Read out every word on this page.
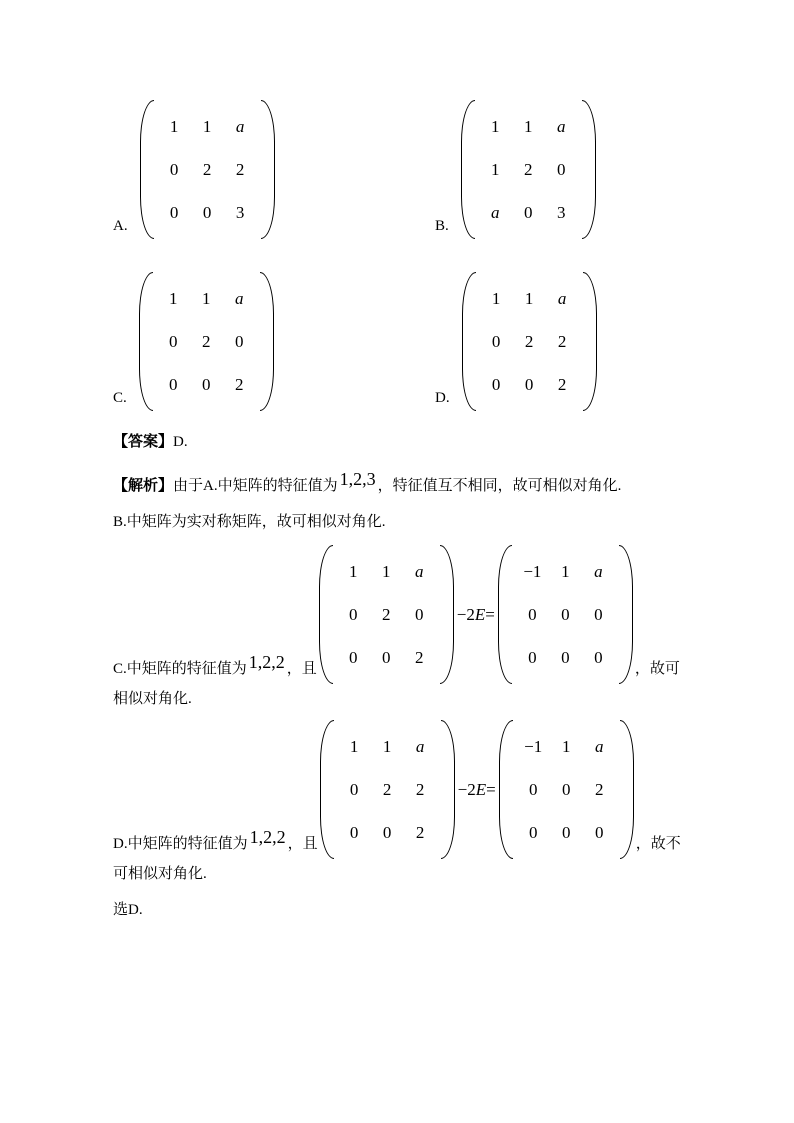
A.
1	1	a
0	2	2
0	0	3
B.
1	1	a
1	2	0
a	0	3
C.
1	1	a
0	2	0
0	0	2
D.
1	1	a
0	2	2
0	0	2

【答案】D.

【解析】由于A.中矩阵的特征值为 1,2,3 ，特征值互不相同，故可相似对角化.

B.中矩阵为实对称矩阵，故可相似对角化.

C.中矩阵的特征值为 1,2,2 ，且
1	1	a
0	2	0
0	0	2
−2E=
−1	1	a
0	0	0
0	0	0
，故可
相似对角化.
D.中矩阵的特征值为 1,2,2 ，且
1	1	a
0	2	2
0	0	2
−2E=
−1	1	a
0	0	2
0	0	0
，故不
可相似对角化.

选D.
